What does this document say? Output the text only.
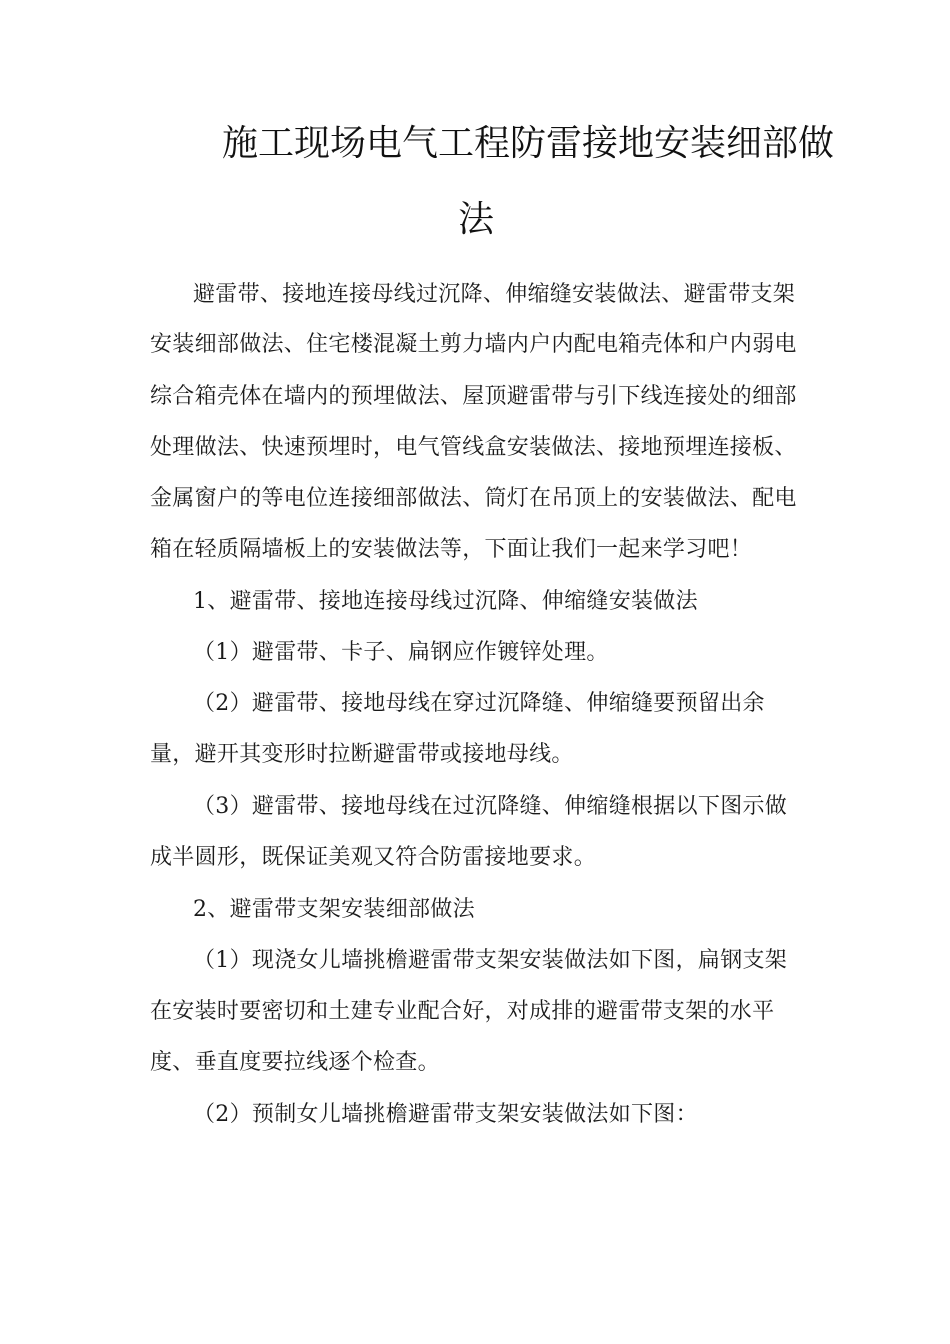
施工现场电气工程防雷接地安装细部做
法
避雷带、接地连接母线过沉降、伸缩缝安装做法、避雷带支架
安装细部做法、住宅楼混凝土剪力墙内户内配电箱壳体和户内弱电
综合箱壳体在墙内的预埋做法、屋顶避雷带与引下线连接处的细部
处理做法、快速预埋时，电气管线盒安装做法、接地预埋连接板、
金属窗户的等电位连接细部做法、筒灯在吊顶上的安装做法、配电
箱在轻质隔墙板上的安装做法等，下面让我们一起来学习吧！
1、避雷带、接地连接母线过沉降、伸缩缝安装做法
（1）避雷带、卡子、扁钢应作镀锌处理。
（2）避雷带、接地母线在穿过沉降缝、伸缩缝要预留出余
量，避开其变形时拉断避雷带或接地母线。
（3）避雷带、接地母线在过沉降缝、伸缩缝根据以下图示做
成半圆形，既保证美观又符合防雷接地要求。
2、避雷带支架安装细部做法
（1）现浇女儿墙挑檐避雷带支架安装做法如下图，扁钢支架
在安装时要密切和土建专业配合好，对成排的避雷带支架的水平
度、垂直度要拉线逐个检查。
（2）预制女儿墙挑檐避雷带支架安装做法如下图：
